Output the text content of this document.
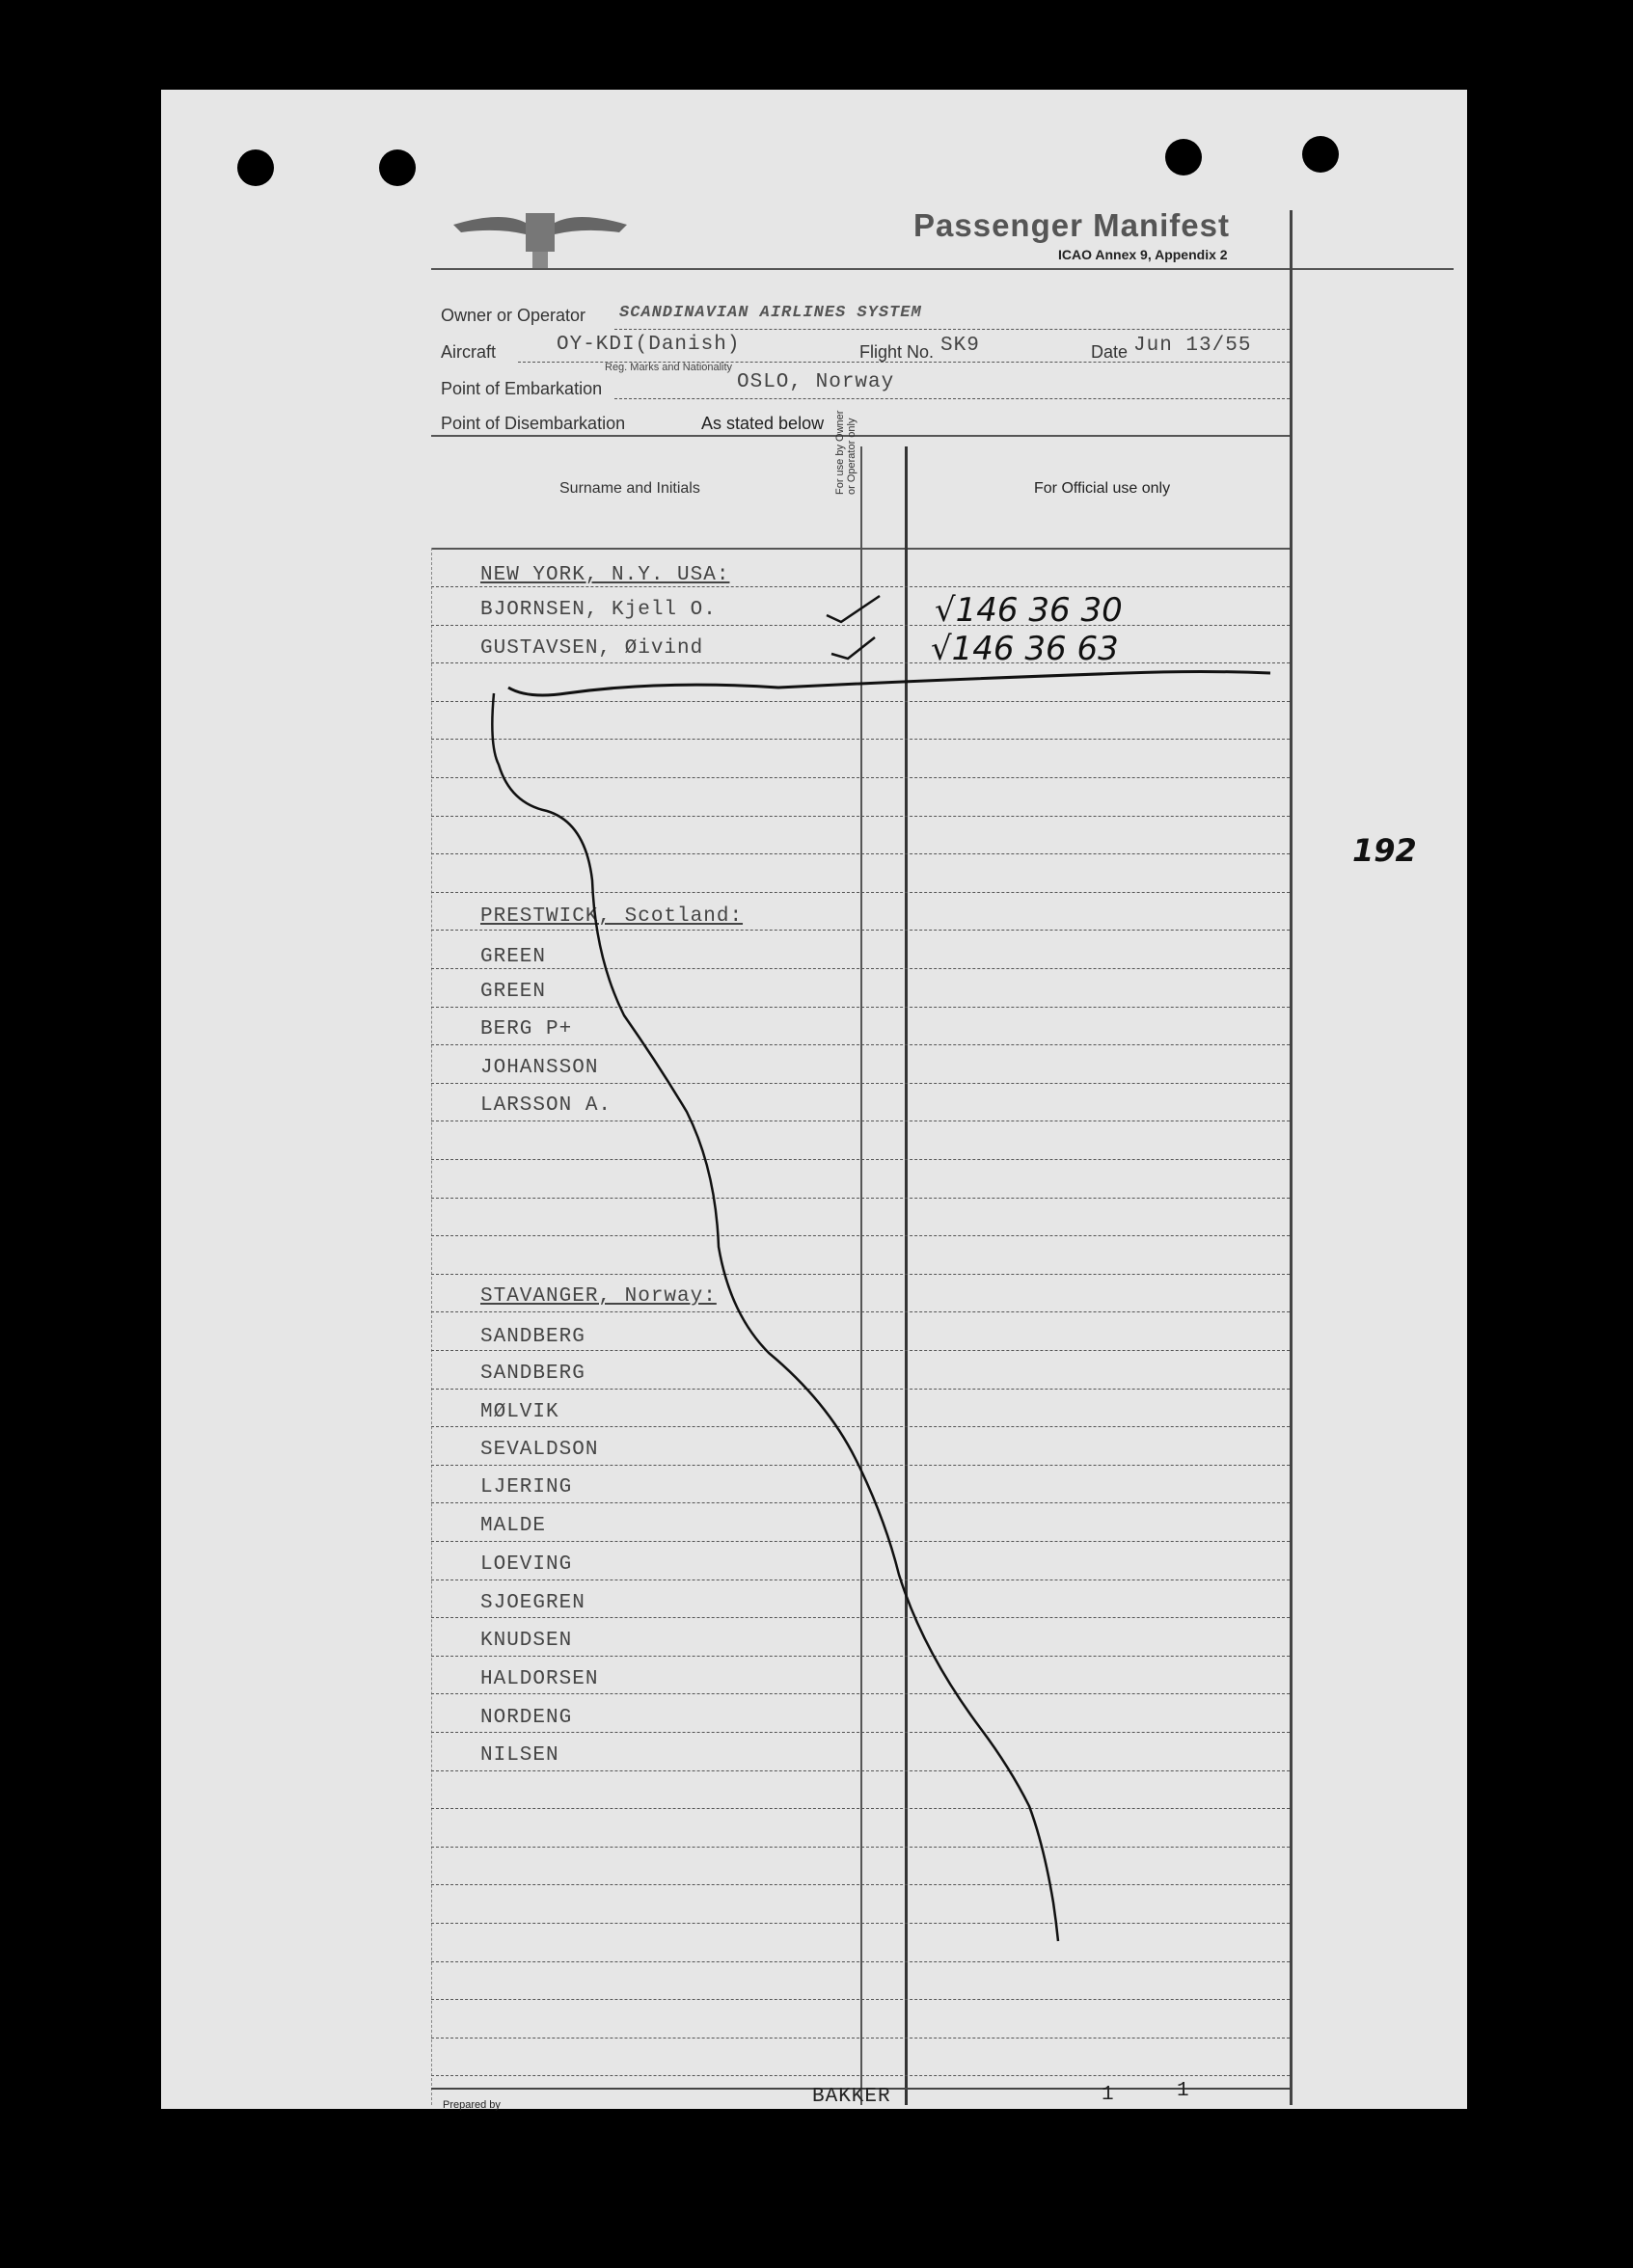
Passenger Manifest
ICAO Annex 9, Appendix 2
Owner or Operator SCANDINAVIAN AIRLINES SYSTEM
Aircraft	OY-KDI(Danish)
Reg. Marks and Nationality
Flight No. SK9	Date Jun 13/55
Point of Embarkation	OSLO, Norway
Point of Disembarkation	As stated below
Surname and Initials	For use by Owner or Operator only	For Official use only
NEW YORK, N.Y. USA:
BJORNSEN, Kjell O.	√146 36 30
GUSTAVSEN, Øivind	√146 36 63
PRESTWICK, Scotland:
GREEN
GREEN
BERG P+
JOHANSSON
LARSSON A.
STAVANGER, Norway:
SANDBERG
SANDBERG
MØLVIK
SEVALDSON
LJERING
MALDE
LOEVING
SJOEGREN
KNUDSEN
HALDORSEN
NORDENG
NILSEN
Prepared by	BAKKER	1	1
192
